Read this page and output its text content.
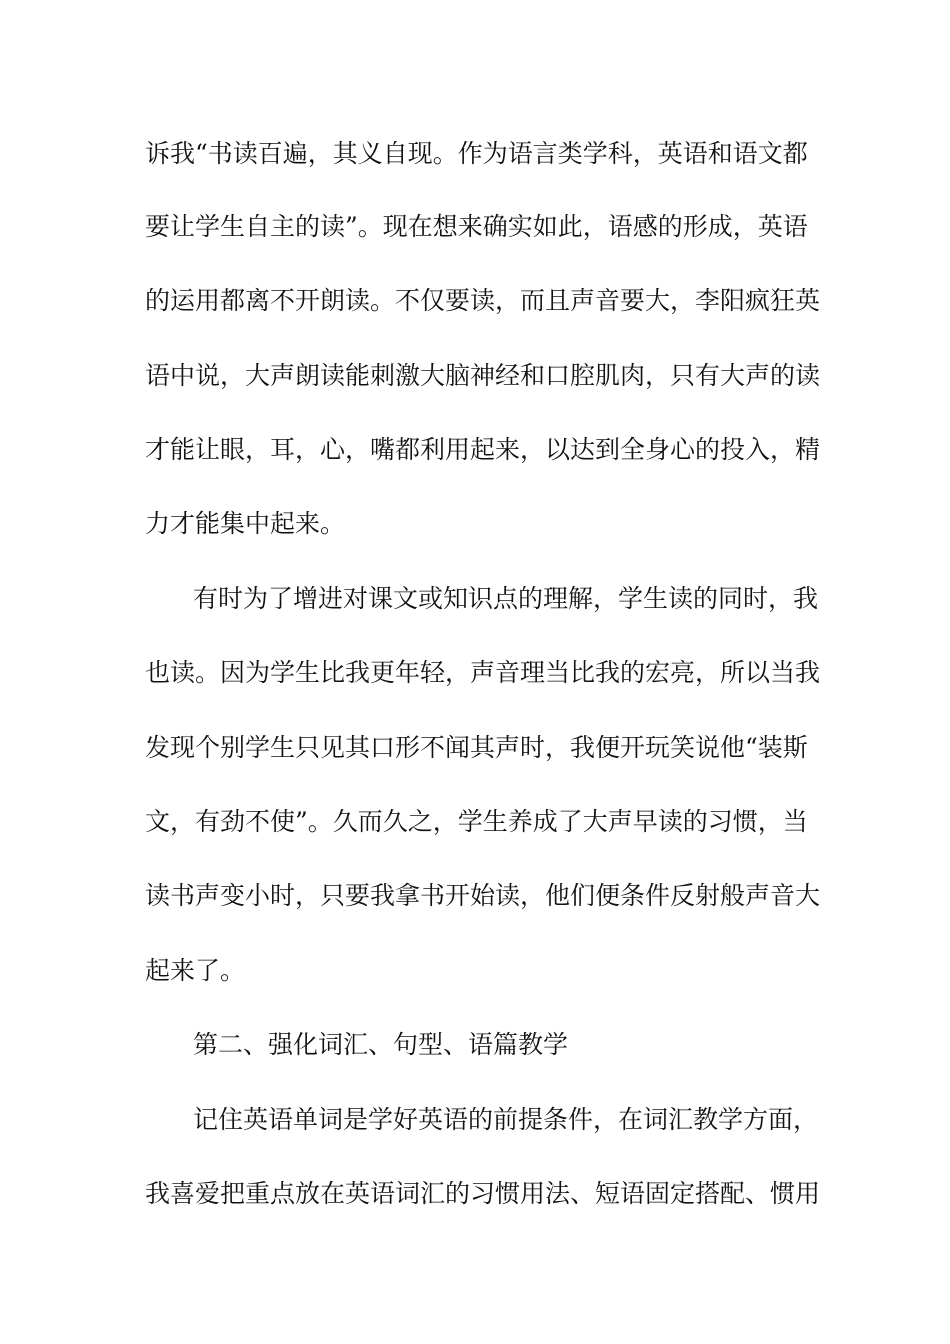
诉我“书读百遍，其义自现。作为语言类学科，英语和语文都
要让学生自主的读”。现在想来确实如此，语感的形成，英语
的运用都离不开朗读。不仅要读，而且声音要大，李阳疯狂英
语中说，大声朗读能刺激大脑神经和口腔肌肉，只有大声的读
才能让眼，耳，心，嘴都利用起来，以达到全身心的投入，精
力才能集中起来。
有时为了增进对课文或知识点的理解，学生读的同时，我
也读。因为学生比我更年轻，声音理当比我的宏亮，所以当我
发现个别学生只见其口形不闻其声时，我便开玩笑说他“装斯
文，有劲不使”。久而久之，学生养成了大声早读的习惯，当
读书声变小时，只要我拿书开始读，他们便条件反射般声音大
起来了。
第二、强化词汇、句型、语篇教学
记住英语单词是学好英语的前提条件，在词汇教学方面，
我喜爱把重点放在英语词汇的习惯用法、短语固定搭配、惯用
